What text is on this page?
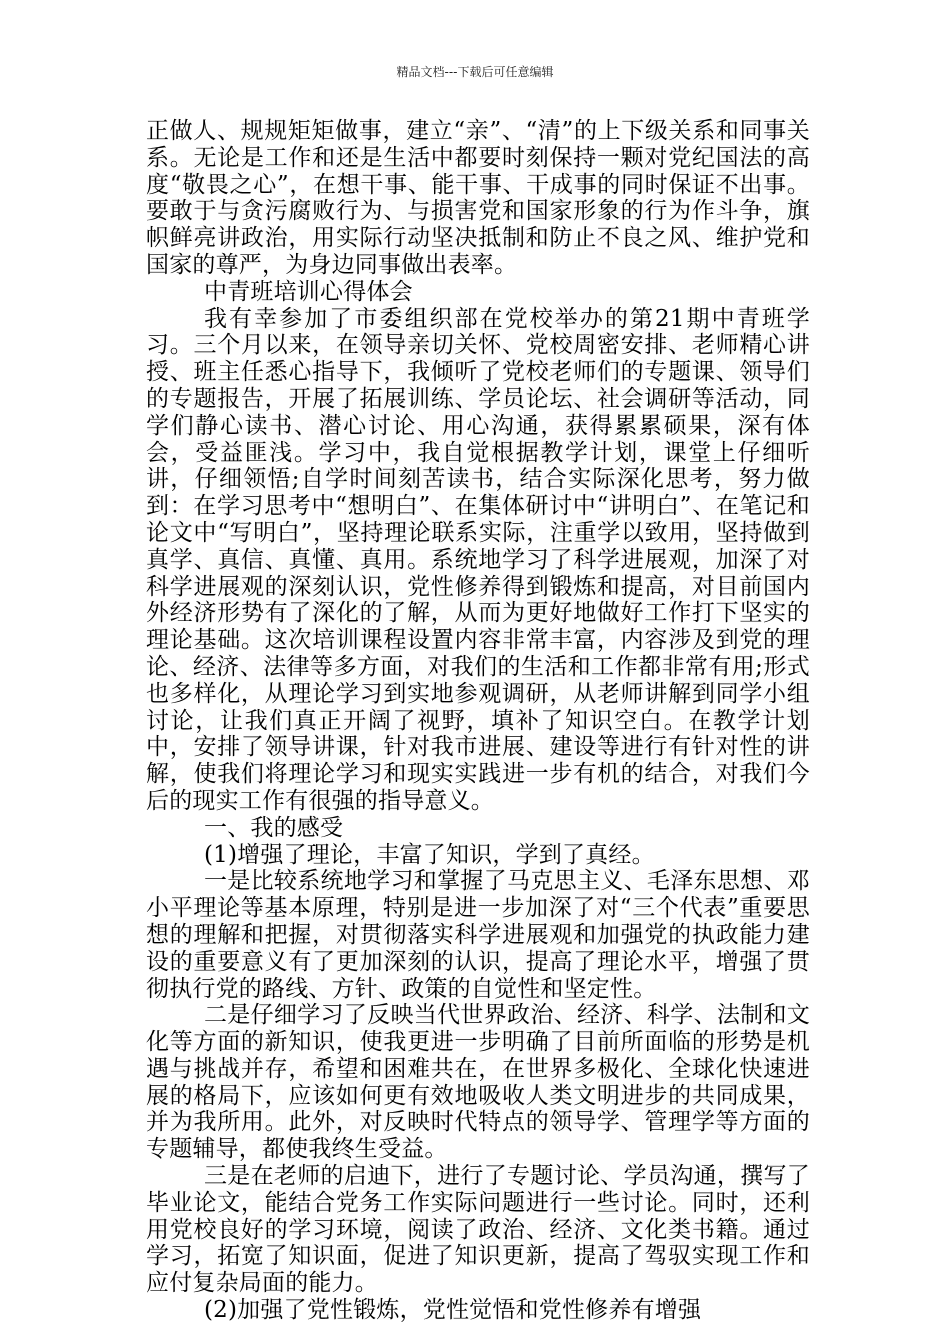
精品文档---下载后可任意编辑

正做人、规规矩矩做事，建立“亲”、“清”的上下级关系和同事关系。无论是工作和还是生活中都要时刻保持一颗对党纪国法的高度“敬畏之心”，在想干事、能干事、干成事的同时保证不出事。要敢于与贪污腐败行为、与损害党和国家形象的行为作斗争，旗帜鲜亮讲政治，用实际行动坚决抵制和防止不良之风、维护党和国家的尊严，为身边同事做出表率。

中青班培训心得体会

我有幸参加了市委组织部在党校举办的第21期中青班学习。三个月以来，在领导亲切关怀、党校周密安排、老师精心讲授、班主任悉心指导下，我倾听了党校老师们的专题课、领导们的专题报告，开展了拓展训练、学员论坛、社会调研等活动，同学们静心读书、潜心讨论、用心沟通，获得累累硕果，深有体会，受益匪浅。学习中，我自觉根据教学计划，课堂上仔细听讲，仔细领悟;自学时间刻苦读书，结合实际深化思考，努力做到：在学习思考中“想明白”、在集体研讨中“讲明白”、在笔记和论文中“写明白”，坚持理论联系实际，注重学以致用，坚持做到真学、真信、真懂、真用。系统地学习了科学进展观，加深了对科学进展观的深刻认识，党性修养得到锻炼和提高，对目前国内外经济形势有了深化的了解，从而为更好地做好工作打下坚实的理论基础。这次培训课程设置内容非常丰富，内容涉及到党的理论、经济、法律等多方面，对我们的生活和工作都非常有用;形式也多样化，从理论学习到实地参观调研，从老师讲解到同学小组讨论，让我们真正开阔了视野，填补了知识空白。在教学计划中，安排了领导讲课，针对我市进展、建设等进行有针对性的讲解，使我们将理论学习和现实实践进一步有机的结合，对我们今后的现实工作有很强的指导意义。

一、我的感受

(1)增强了理论，丰富了知识，学到了真经。

一是比较系统地学习和掌握了马克思主义、毛泽东思想、邓小平理论等基本原理，特别是进一步加深了对“三个代表”重要思想的理解和把握，对贯彻落实科学进展观和加强党的执政能力建设的重要意义有了更加深刻的认识，提高了理论水平，增强了贯彻执行党的路线、方针、政策的自觉性和坚定性。

二是仔细学习了反映当代世界政治、经济、科学、法制和文化等方面的新知识，使我更进一步明确了目前所面临的形势是机遇与挑战并存，希望和困难共在，在世界多极化、全球化快速进展的格局下，应该如何更有效地吸收人类文明进步的共同成果，并为我所用。此外，对反映时代特点的领导学、管理学等方面的专题辅导，都使我终生受益。

三是在老师的启迪下，进行了专题讨论、学员沟通，撰写了毕业论文，能结合党务工作实际问题进行一些讨论。同时，还利用党校良好的学习环境，阅读了政治、经济、文化类书籍。通过学习，拓宽了知识面，促进了知识更新，提高了驾驭实现工作和应付复杂局面的能力。

(2)加强了党性锻炼，党性觉悟和党性修养有增强
